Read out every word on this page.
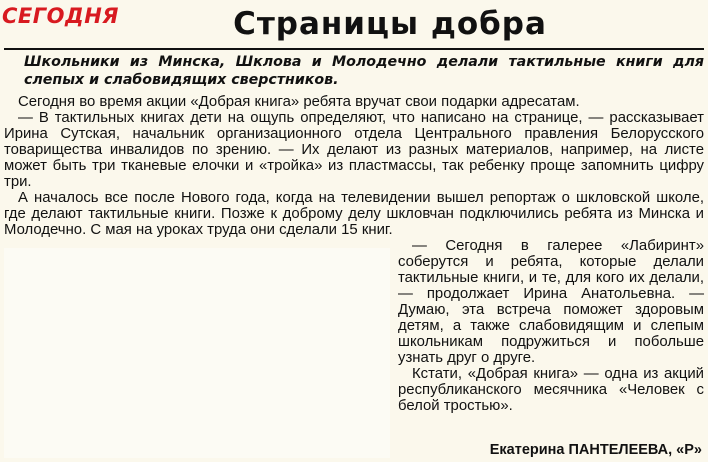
СЕГОДНЯ	Страницы добра

Школьники из Минска, Шклова и Молодечно делали тактильные книги для слепых и слабовидящих сверстников.

Сегодня во время акции «Добрая книга» ребята вручат свои подарки адресатам.

— В тактильных книгах дети на ощупь определяют, что написано на странице, — рассказывает Ирина Сутская, начальник организационного отдела Центрального правления Белорусского товарищества инвалидов по зрению. — Их делают из разных материалов, например, на листе может быть три тканевые елочки и «тройка» из пластмассы, так ребенку проще запомнить цифру три.

А началось все после Нового года, когда на телевидении вышел репортаж о шкловской школе, где делают тактильные книги. Позже к доброму делу шкловчан подключились ребята из Минска и Молодечно. С мая на уроках труда они сделали 15 книг.

— Сегодня в галерее «Лабиринт» соберутся и ребята, которые делали тактильные книги, и те, для кого их делали, — продолжает Ирина Анатольевна. — Думаю, эта встреча поможет здоровым детям, а также слабовидящим и слепым школьникам подружиться и побольше узнать друг о друге.

Кстати, «Добрая книга» — одна из акций республиканского месячника «Человек с белой тростью».

Екатерина ПАНТЕЛЕЕВА, «Р»
